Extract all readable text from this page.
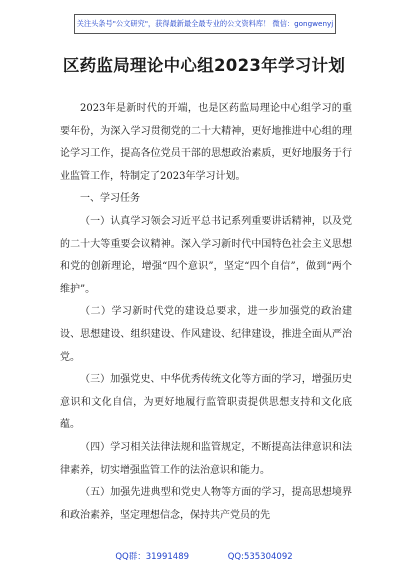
关注头条号"公文研究"，获得最新最全最专业的公文资料库！ 微信：gongwenyj
区药监局理论中心组2023年学习计划

2023年是新时代的开端，也是区药监局理论中心组学习的重要年份，为深入学习贯彻党的二十大精神，更好地推进中心组的理论学习工作，提高各位党员干部的思想政治素质，更好地服务于行业监管工作，特制定了2023年学习计划。

一、学习任务

（一）认真学习领会习近平总书记系列重要讲话精神，以及党的二十大等重要会议精神。深入学习新时代中国特色社会主义思想和党的创新理论，增强“四个意识”，坚定“四个自信”，做到“两个维护”。

（二）学习新时代党的建设总要求，进一步加强党的政治建设、思想建设、组织建设、作风建设、纪律建设，推进全面从严治党。

（三）加强党史、中华优秀传统文化等方面的学习，增强历史意识和文化自信，为更好地履行监管职责提供思想支持和文化底蕴。

（四）学习相关法律法规和监管规定，不断提高法律意识和法律素养，切实增强监管工作的法治意识和能力。

（五）加强先进典型和党史人物等方面的学习，提高思想境界和政治素养，坚定理想信念，保持共产党员的先

QQ群：31991489	QQ:535304092
